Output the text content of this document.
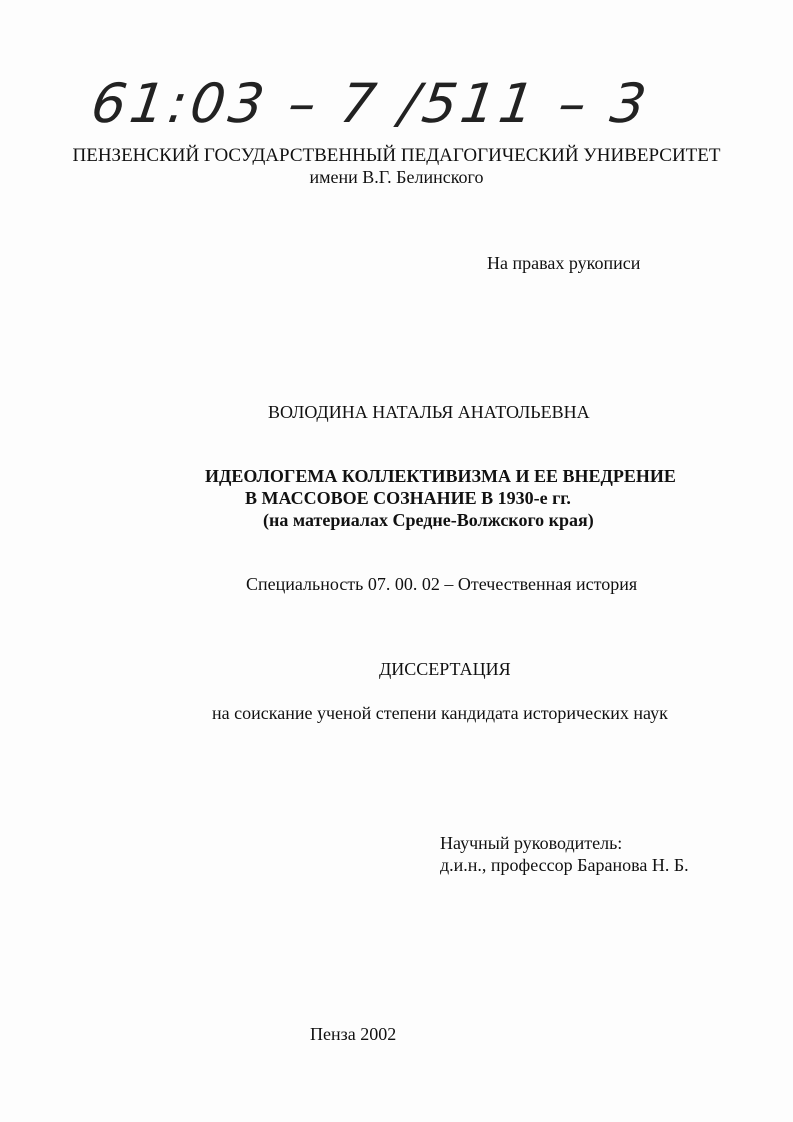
61:03 – 7 /511 – 3
ПЕНЗЕНСКИЙ ГОСУДАРСТВЕННЫЙ ПЕДАГОГИЧЕСКИЙ УНИВЕРСИТЕТ
имени В.Г. Белинского
На правах рукописи
ВОЛОДИНА НАТАЛЬЯ АНАТОЛЬЕВНА
ИДЕОЛОГЕМА КОЛЛЕКТИВИЗМА И ЕЕ ВНЕДРЕНИЕ
В МАССОВОЕ СОЗНАНИЕ В 1930-е гг.
(на материалах Средне-Волжского края)
Специальность 07. 00. 02 – Отечественная история
ДИССЕРТАЦИЯ
на соискание ученой степени кандидата исторических наук
Научный руководитель:
д.и.н., профессор Баранова Н. Б.
Пенза 2002
